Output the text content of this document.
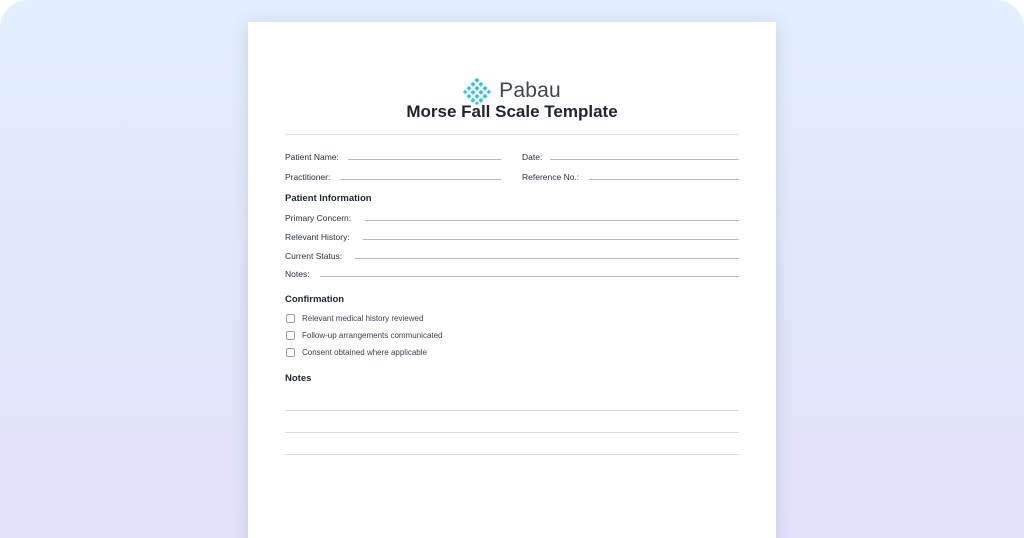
Pabau
Morse Fall Scale Template
Patient Name:	Date:
Practitioner:	Reference No.:
Patient Information
Primary Concern:
Relevant History:
Current Status:
Notes:
Confirmation
Relevant medical history reviewed
Follow-up arrangements communicated
Consent obtained where applicable
Notes
